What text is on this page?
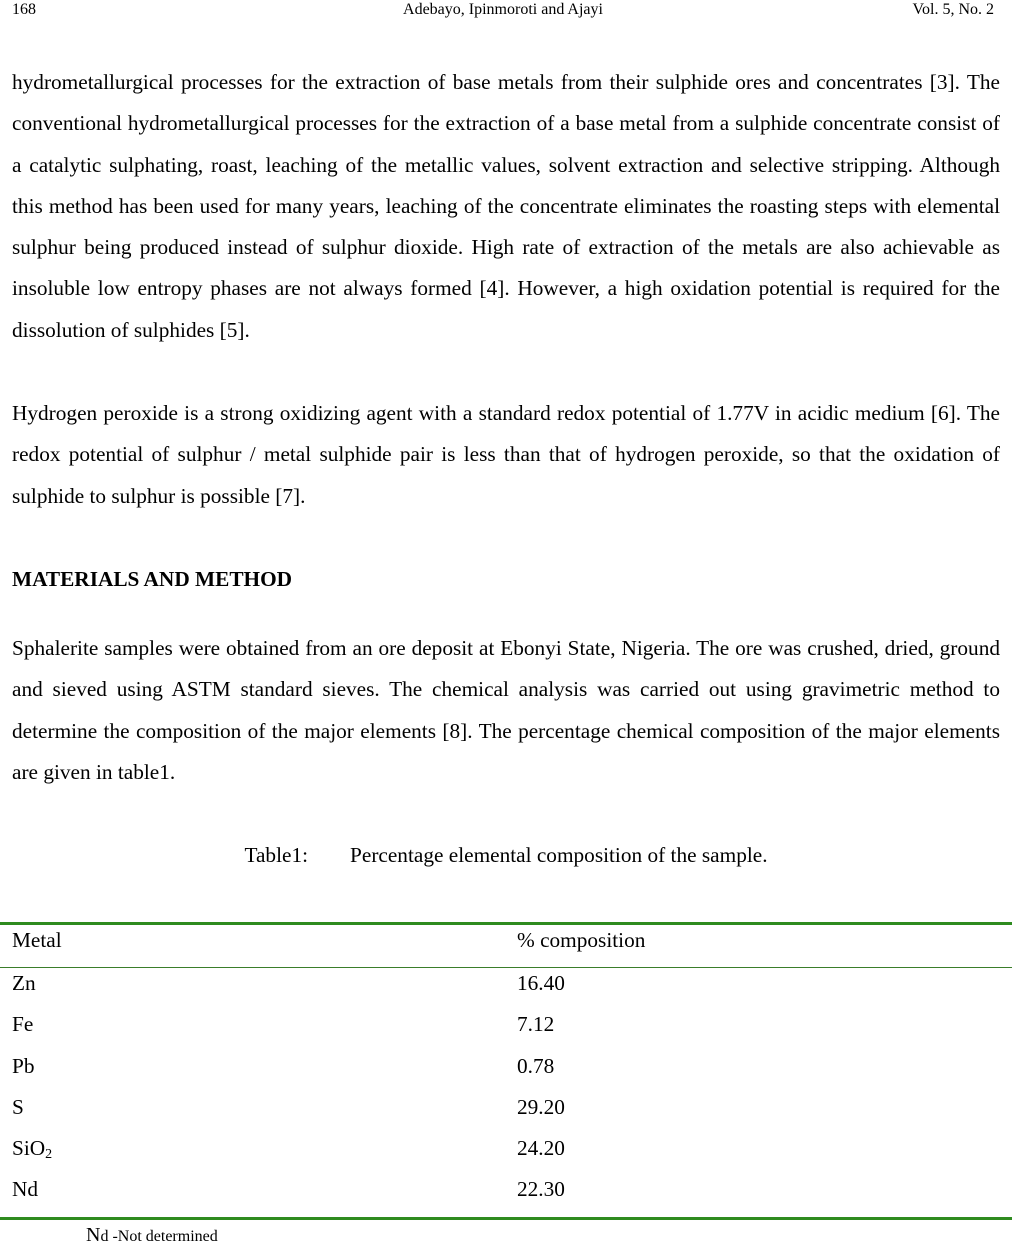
168	Adebayo, Ipinmoroti and Ajayi	Vol. 5, No. 2

hydrometallurgical processes for the extraction of base metals from their sulphide ores and concentrates [3]. The conventional hydrometallurgical processes for the extraction of a base metal from a sulphide concentrate consist of a catalytic sulphating, roast, leaching of the metallic values, solvent extraction and selective stripping. Although this method has been used for many years, leaching of the concentrate eliminates the roasting steps with elemental sulphur being produced instead of sulphur dioxide. High rate of extraction of the metals are also achievable as insoluble low entropy phases are not always formed [4]. However, a high oxidation potential is required for the dissolution of sulphides [5].

Hydrogen peroxide is a strong oxidizing agent with a standard redox potential of 1.77V in acidic medium [6]. The redox potential of sulphur / metal sulphide pair is less than that of hydrogen peroxide, so that the oxidation of sulphide to sulphur is possible [7].

MATERIALS AND METHOD

Sphalerite samples were obtained from an ore deposit at Ebonyi State, Nigeria. The ore was crushed, dried, ground and sieved using ASTM standard sieves. The chemical analysis was carried out using gravimetric method to determine the composition of the major elements [8]. The percentage chemical composition of the major elements are given in table1.

Table1: Percentage elemental composition of the sample.
Metal	% composition
Zn	16.40
Fe	7.12
Pb	0.78
S	29.20
SiO$_2$	24.20
Nd	22.30
Nd -Not determined
